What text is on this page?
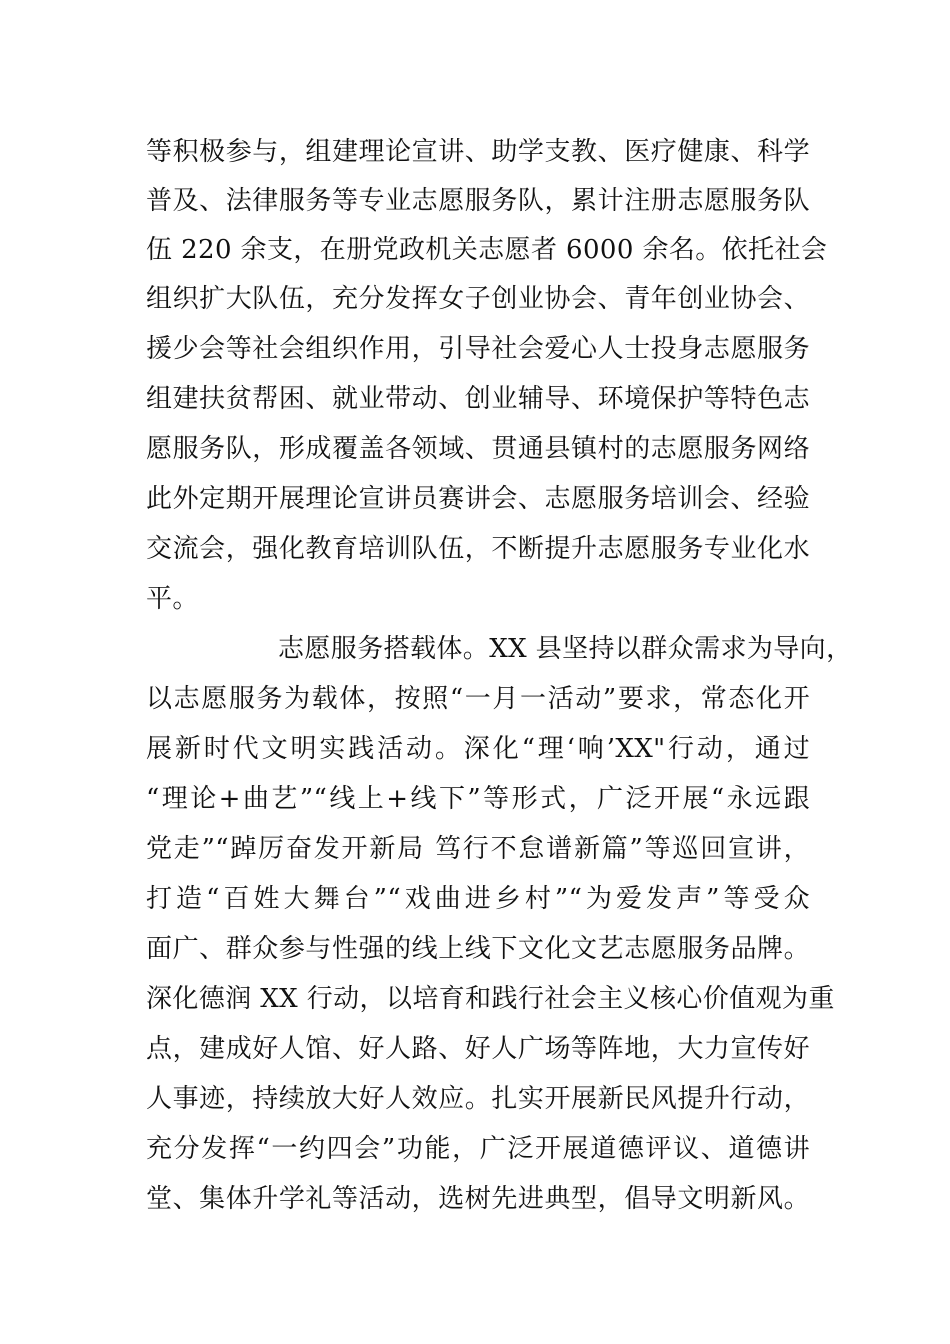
等积极参与，组建理论宣讲、助学支教、医疗健康、科学
普及、法律服务等专业志愿服务队，累计注册志愿服务队
伍 220 余支，在册党政机关志愿者 6000 余名。依托社会
组织扩大队伍，充分发挥女子创业协会、青年创业协会、
援少会等社会组织作用，引导社会爱心人士投身志愿服务
组建扶贫帮困、就业带动、创业辅导、环境保护等特色志
愿服务队，形成覆盖各领域、贯通县镇村的志愿服务网络
此外定期开展理论宣讲员赛讲会、志愿服务培训会、经验
交流会，强化教育培训队伍，不断提升志愿服务专业化水
平。
志愿服务搭载体。XX 县坚持以群众需求为导向，
以志愿服务为载体，按照“一月一活动”要求，常态化开
展新时代文明实践活动。深化“理‘响’XX"行动，通过
“理论+曲艺”“线上+线下”等形式，广泛开展“永远跟
党走”“踔厉奋发开新局 笃行不怠谱新篇”等巡回宣讲，
打造“百姓大舞台”“戏曲进乡村”“为爱发声”等受众
面广、群众参与性强的线上线下文化文艺志愿服务品牌。
深化德润 XX 行动，以培育和践行社会主义核心价值观为重
点，建成好人馆、好人路、好人广场等阵地，大力宣传好
人事迹，持续放大好人效应。扎实开展新民风提升行动，
充分发挥“一约四会”功能，广泛开展道德评议、道德讲
堂、集体升学礼等活动，选树先进典型，倡导文明新风。
